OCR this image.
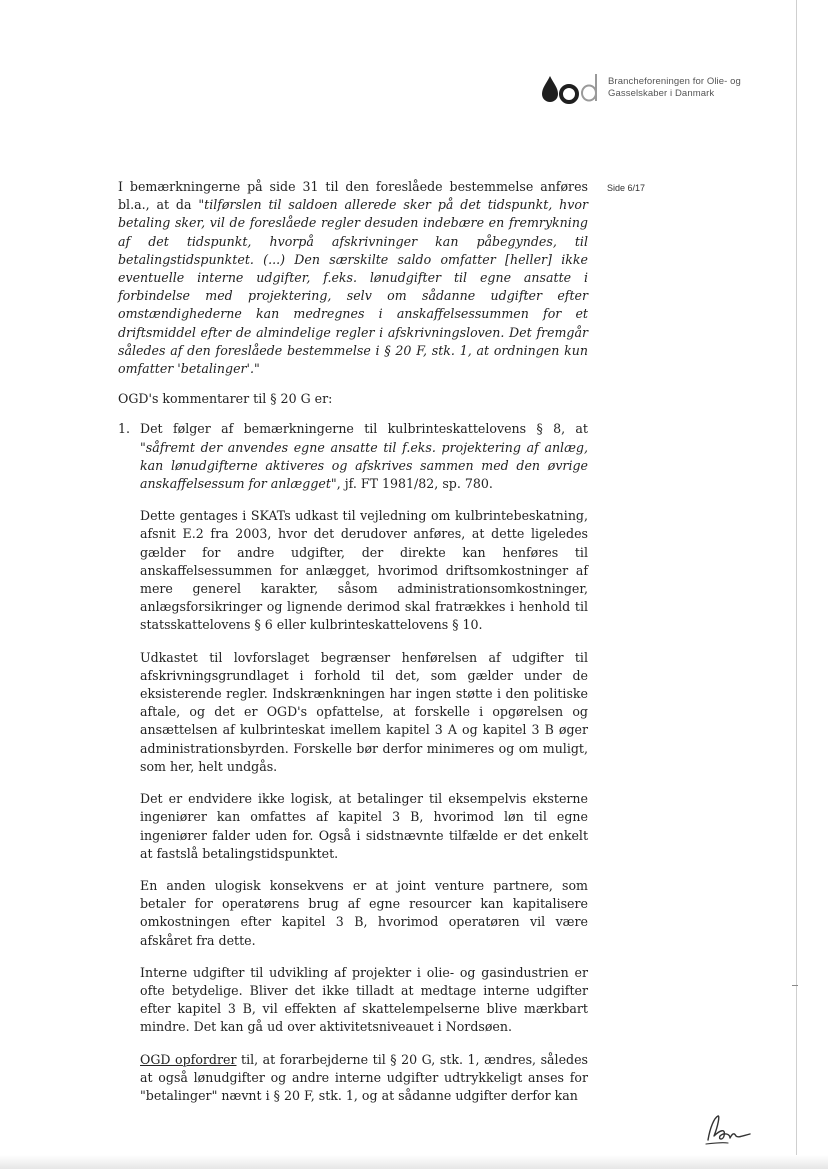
Brancheforeningen for Olie- og
Gasselskaber i Danmark
Side 6/17

I bemærkningerne på side 31 til den foreslåede bestemmelse anføres bl.a., at da "tilførslen til saldoen allerede sker på det tidspunkt, hvor betaling sker, vil de foreslåede regler desuden indebære en fremrykning af det tidspunkt, hvorpå afskrivninger kan påbegyndes, til betalingstidspunktet. (...) Den særskilte saldo omfatter [heller] ikke eventuelle interne udgifter, f.eks. lønudgifter til egne ansatte i forbindelse med projektering, selv om sådanne udgifter efter omstændighederne kan medregnes i anskaffelsessummen for et driftsmiddel efter de almindelige regler i afskrivningsloven. Det fremgår således af den foreslåede bestemmelse i § 20 F, stk. 1, at ordningen kun omfatter 'betalinger'."

OGD's kommentarer til § 20 G er:

1. Det følger af bemærkningerne til kulbrinteskattelovens § 8, at "såfremt der anvendes egne ansatte til f.eks. projektering af anlæg, kan lønudgifterne aktiveres og afskrives sammen med den øvrige anskaffelsessum for anlægget", jf. FT 1981/82, sp. 780.

Dette gentages i SKATs udkast til vejledning om kulbrintebeskatning, afsnit E.2 fra 2003, hvor det derudover anføres, at dette ligeledes gælder for andre udgifter, der direkte kan henføres til anskaffelsessummen for anlægget, hvorimod driftsomkostninger af mere generel karakter, såsom administrationsomkostninger, anlægsforsikringer og lignende derimod skal fratrækkes i henhold til statsskattelovens § 6 eller kulbrinteskattelovens § 10.

Udkastet til lovforslaget begrænser henførelsen af udgifter til afskrivningsgrundlaget i forhold til det, som gælder under de eksisterende regler. Indskrænkningen har ingen støtte i den politiske aftale, og det er OGD's opfattelse, at forskelle i opgørelsen og ansættelsen af kulbrinteskat imellem kapitel 3 A og kapitel 3 B øger administrationsbyrden. Forskelle bør derfor minimeres og om muligt, som her, helt undgås.

Det er endvidere ikke logisk, at betalinger til eksempelvis eksterne ingeniører kan omfattes af kapitel 3 B, hvorimod løn til egne ingeniører falder uden for. Også i sidstnævnte tilfælde er det enkelt at fastslå betalingstidspunktet.

En anden ulogisk konsekvens er at joint venture partnere, som betaler for operatørens brug af egne resourcer kan kapitalisere omkostningen efter kapitel 3 B, hvorimod operatøren vil være afskåret fra dette.

Interne udgifter til udvikling af projekter i olie- og gasindustrien er ofte betydelige. Bliver det ikke tilladt at medtage interne udgifter efter kapitel 3 B, vil effekten af skattelempelserne blive mærkbart mindre. Det kan gå ud over aktivitetsniveauet i Nordsøen.

OGD opfordrer til, at forarbejderne til § 20 G, stk. 1, ændres, således at også lønudgifter og andre interne udgifter udtrykkeligt anses for "betalinger" nævnt i § 20 F, stk. 1, og at sådanne udgifter derfor kan
